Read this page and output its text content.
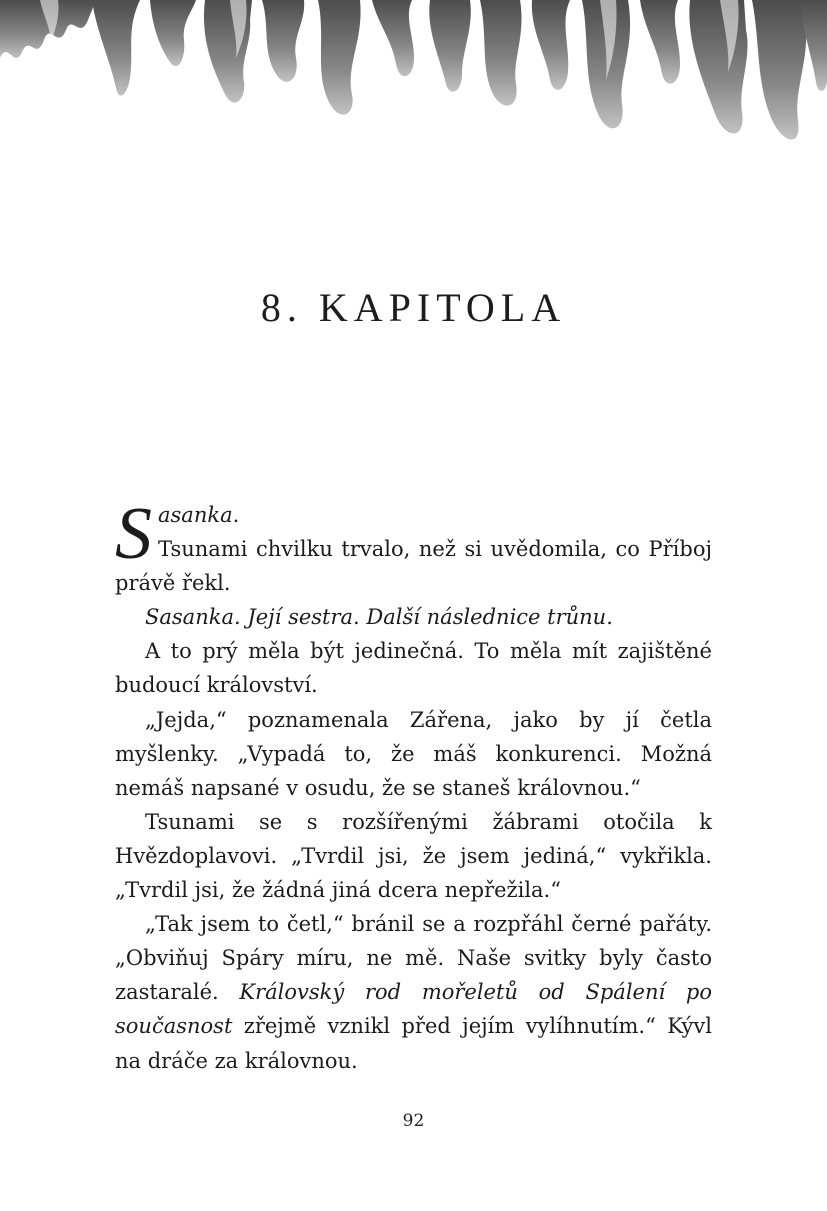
8. KAPITOLA

S asanka.
Tsunami chvilku trvalo, než si uvědomila, co Příboj právě řekl.

Sasanka. Její sestra. Další následnice trůnu.

A to prý měla být jedinečná. To měla mít zajištěné budoucí království.

„Jejda,“ poznamenala Zářena, jako by jí četla myšlenky. „Vypadá to, že máš konkurenci. Možná nemáš napsané v osudu, že se staneš královnou.“

Tsunami se s rozšířenými žábrami otočila k Hvězdoplavovi. „Tvrdil jsi, že jsem jediná,“ vykřikla. „Tvrdil jsi, že žádná jiná dcera nepřežila.“

„Tak jsem to četl,“ bránil se a rozpřáhl černé pařáty. „Obviňuj Spáry míru, ne mě. Naše svitky byly často zastaralé. Královský rod mořeletů od Spálení po současnost zřejmě vznikl před jejím vylíhnutím.“ Kývl na dráče za královnou.

92
